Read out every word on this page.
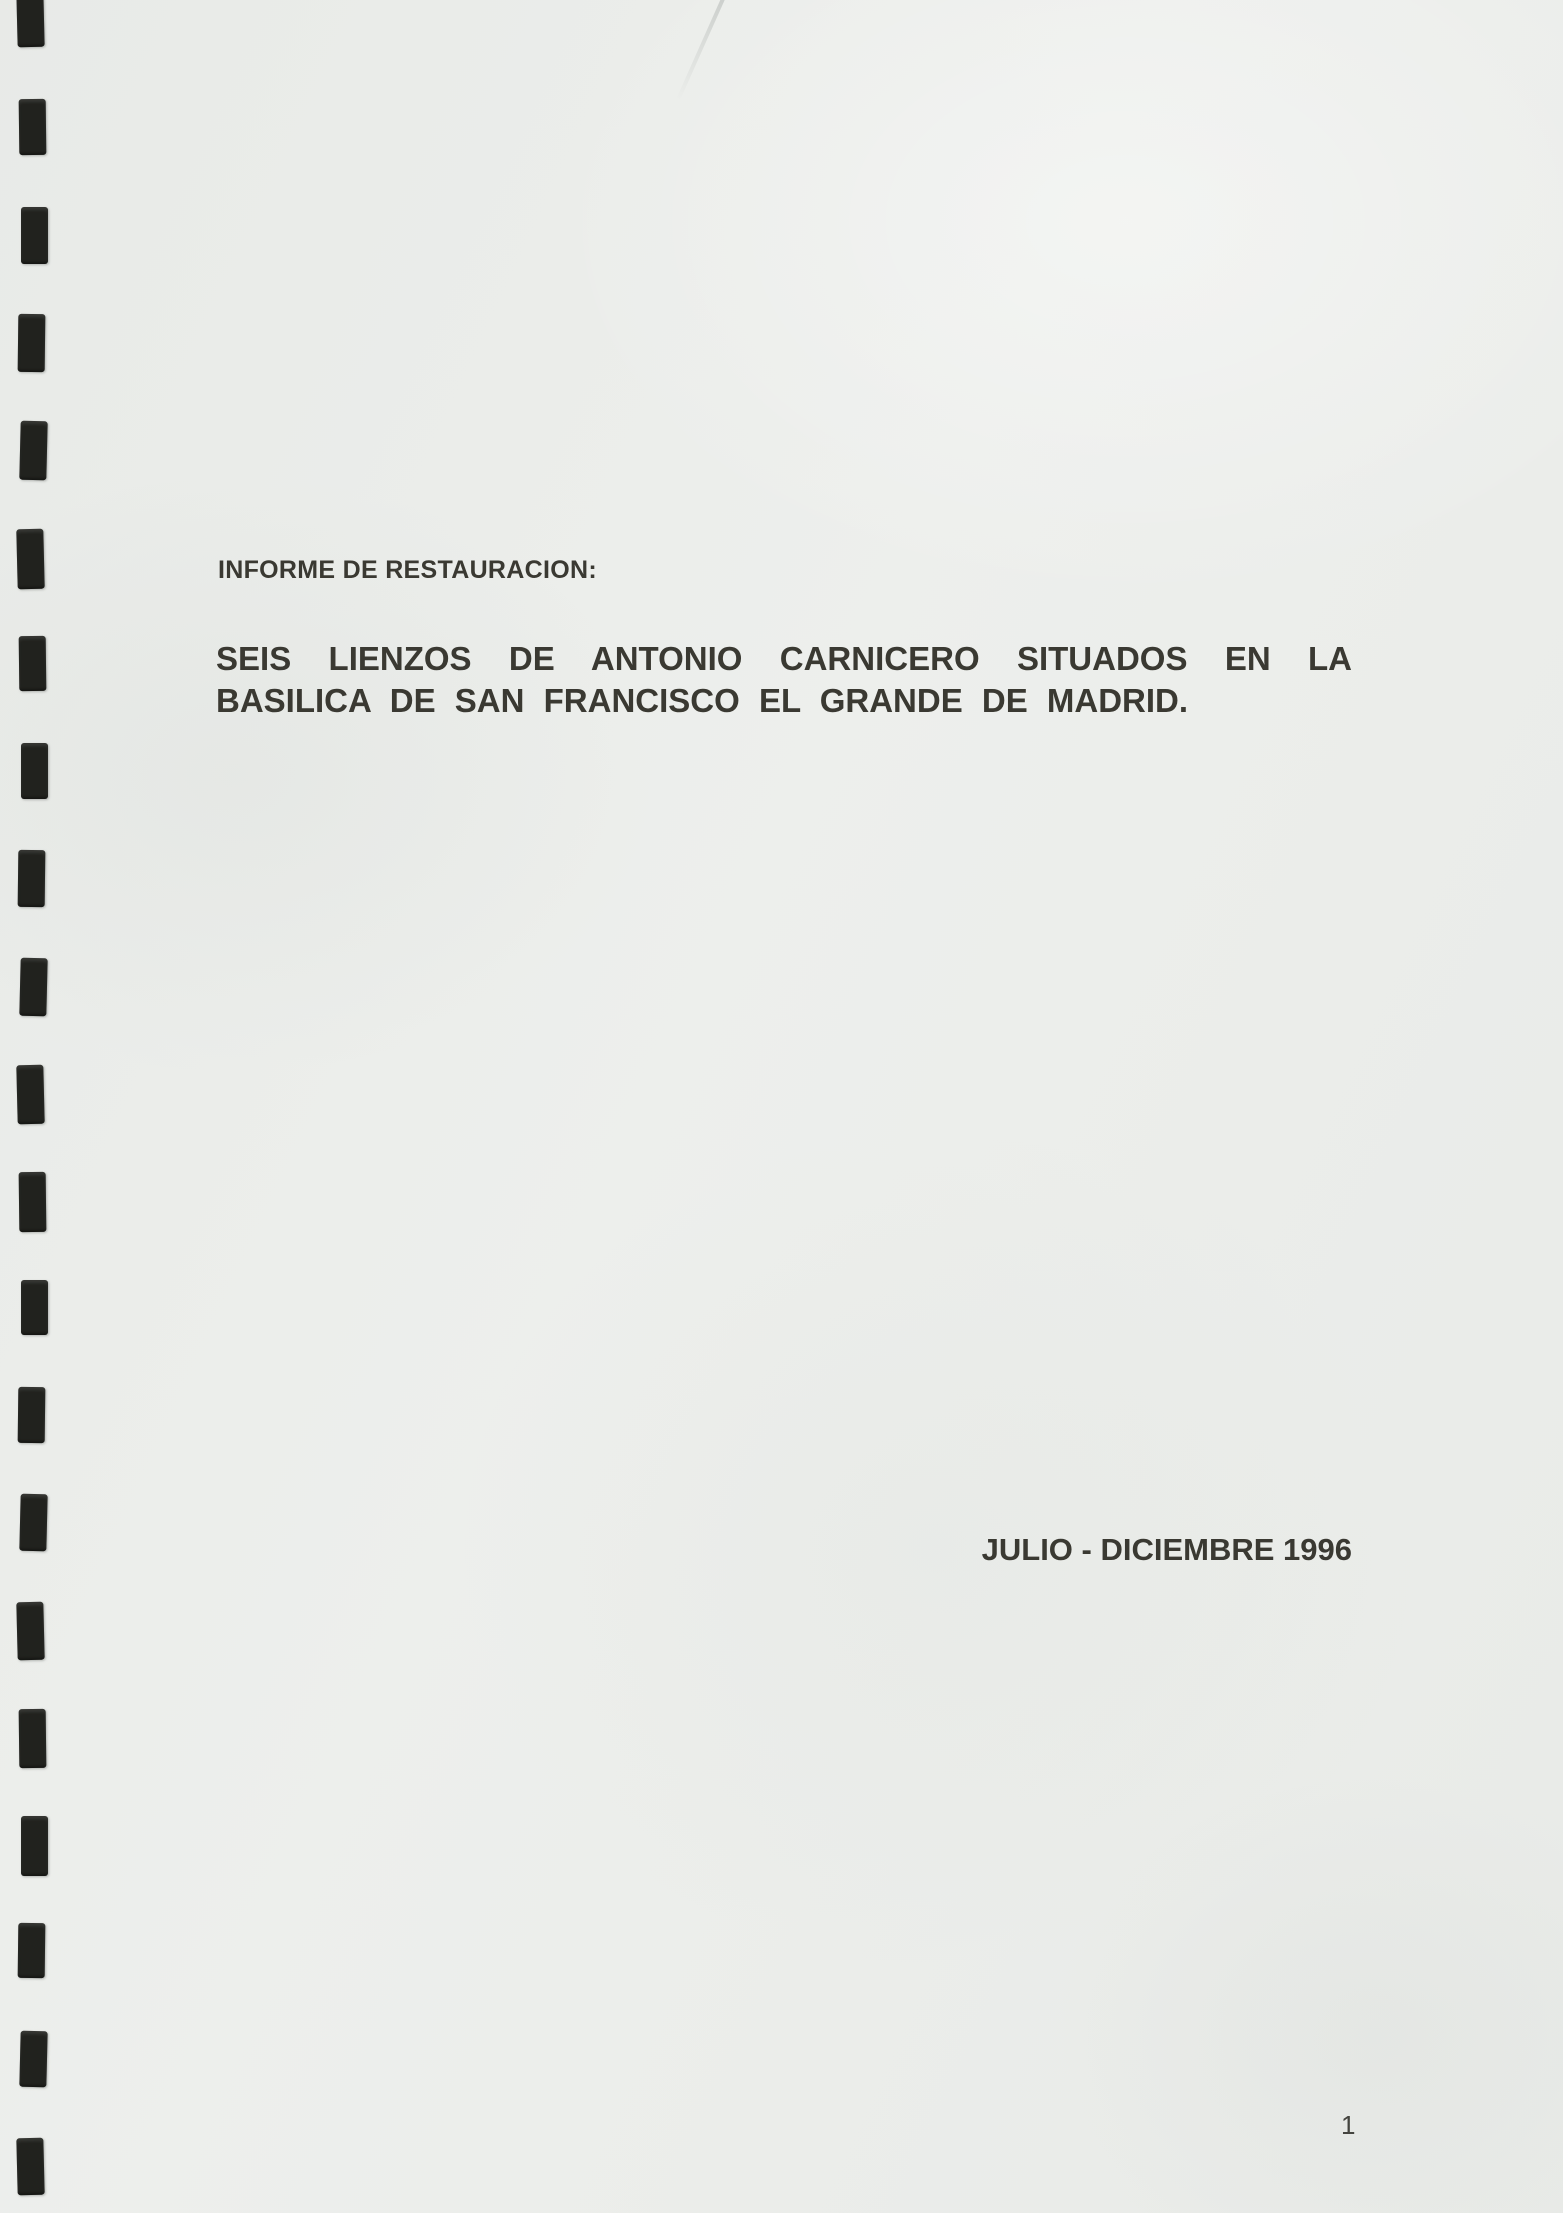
INFORME DE RESTAURACION:
SEIS LIENZOS DE ANTONIO CARNICERO SITUADOS EN LA
BASILICA DE SAN FRANCISCO EL GRANDE DE MADRID.
JULIO - DICIEMBRE 1996
1
